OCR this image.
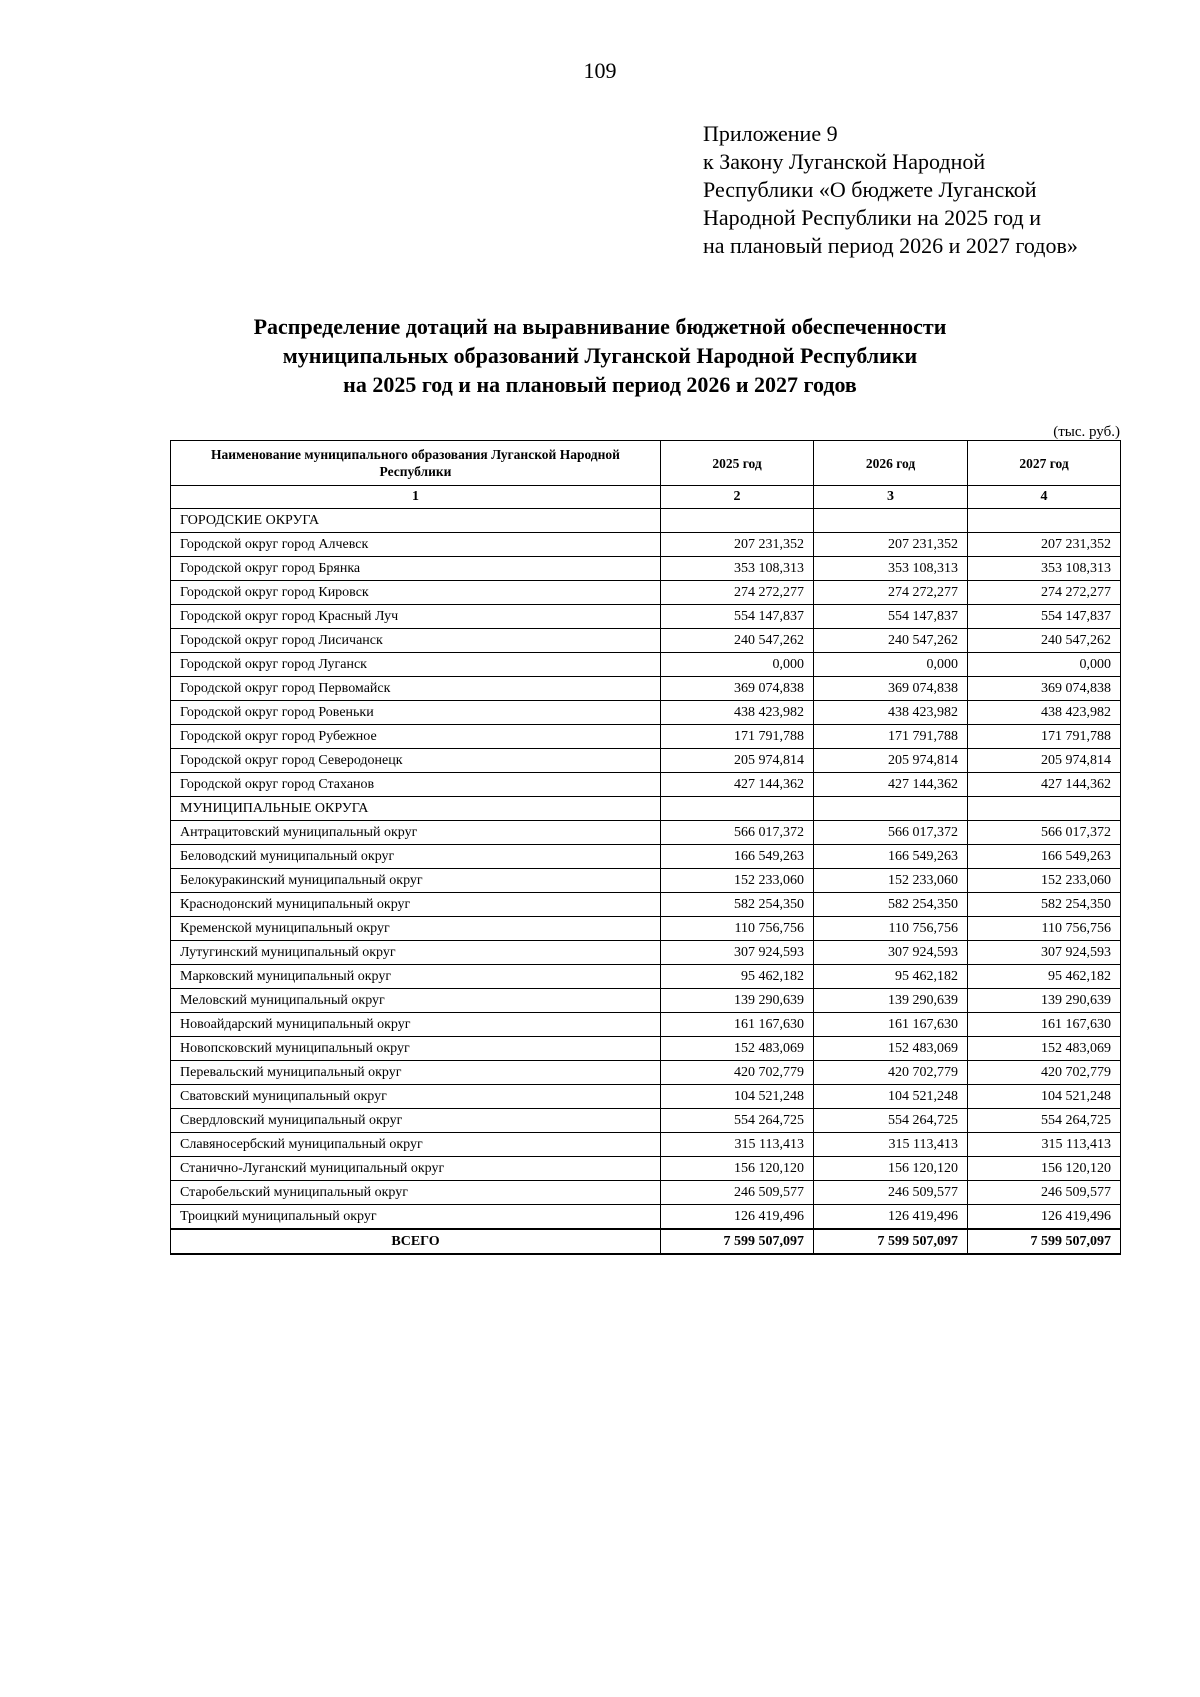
109
Приложение 9
к Закону Луганской Народной
Республики «О бюджете Луганской
Народной Республики на 2025 год и
на плановый период 2026 и 2027 годов»
Распределение дотаций на выравнивание бюджетной обеспеченности
муниципальных образований Луганской Народной Республики
на 2025 год и на плановый период 2026 и 2027 годов
(тыс. руб.)
Наименование муниципального образования Луганской Народной Республики	2025 год	2026 год	2027 год
1	2	3	4
ГОРОДСКИЕ ОКРУГА			
Городской округ город Алчевск	207 231,352	207 231,352	207 231,352
Городской округ город Брянка	353 108,313	353 108,313	353 108,313
Городской округ город Кировск	274 272,277	274 272,277	274 272,277
Городской округ город Красный Луч	554 147,837	554 147,837	554 147,837
Городской округ город Лисичанск	240 547,262	240 547,262	240 547,262
Городской округ город Луганск	0,000	0,000	0,000
Городской округ город Первомайск	369 074,838	369 074,838	369 074,838
Городской округ город Ровеньки	438 423,982	438 423,982	438 423,982
Городской округ город Рубежное	171 791,788	171 791,788	171 791,788
Городской округ город Северодонецк	205 974,814	205 974,814	205 974,814
Городской округ город Стаханов	427 144,362	427 144,362	427 144,362
МУНИЦИПАЛЬНЫЕ ОКРУГА			
Антрацитовский муниципальный округ	566 017,372	566 017,372	566 017,372
Беловодский муниципальный округ	166 549,263	166 549,263	166 549,263
Белокуракинский муниципальный округ	152 233,060	152 233,060	152 233,060
Краснодонский муниципальный округ	582 254,350	582 254,350	582 254,350
Кременской муниципальный округ	110 756,756	110 756,756	110 756,756
Лутугинский муниципальный округ	307 924,593	307 924,593	307 924,593
Марковский муниципальный округ	95 462,182	95 462,182	95 462,182
Меловский муниципальный округ	139 290,639	139 290,639	139 290,639
Новоайдарский муниципальный округ	161 167,630	161 167,630	161 167,630
Новопсковский муниципальный округ	152 483,069	152 483,069	152 483,069
Перевальский муниципальный округ	420 702,779	420 702,779	420 702,779
Сватовский муниципальный округ	104 521,248	104 521,248	104 521,248
Свердловский муниципальный округ	554 264,725	554 264,725	554 264,725
Славяносербский муниципальный округ	315 113,413	315 113,413	315 113,413
Станично-Луганский муниципальный округ	156 120,120	156 120,120	156 120,120
Старобельский муниципальный округ	246 509,577	246 509,577	246 509,577
Троицкий муниципальный округ	126 419,496	126 419,496	126 419,496
ВСЕГО	7 599 507,097	7 599 507,097	7 599 507,097
